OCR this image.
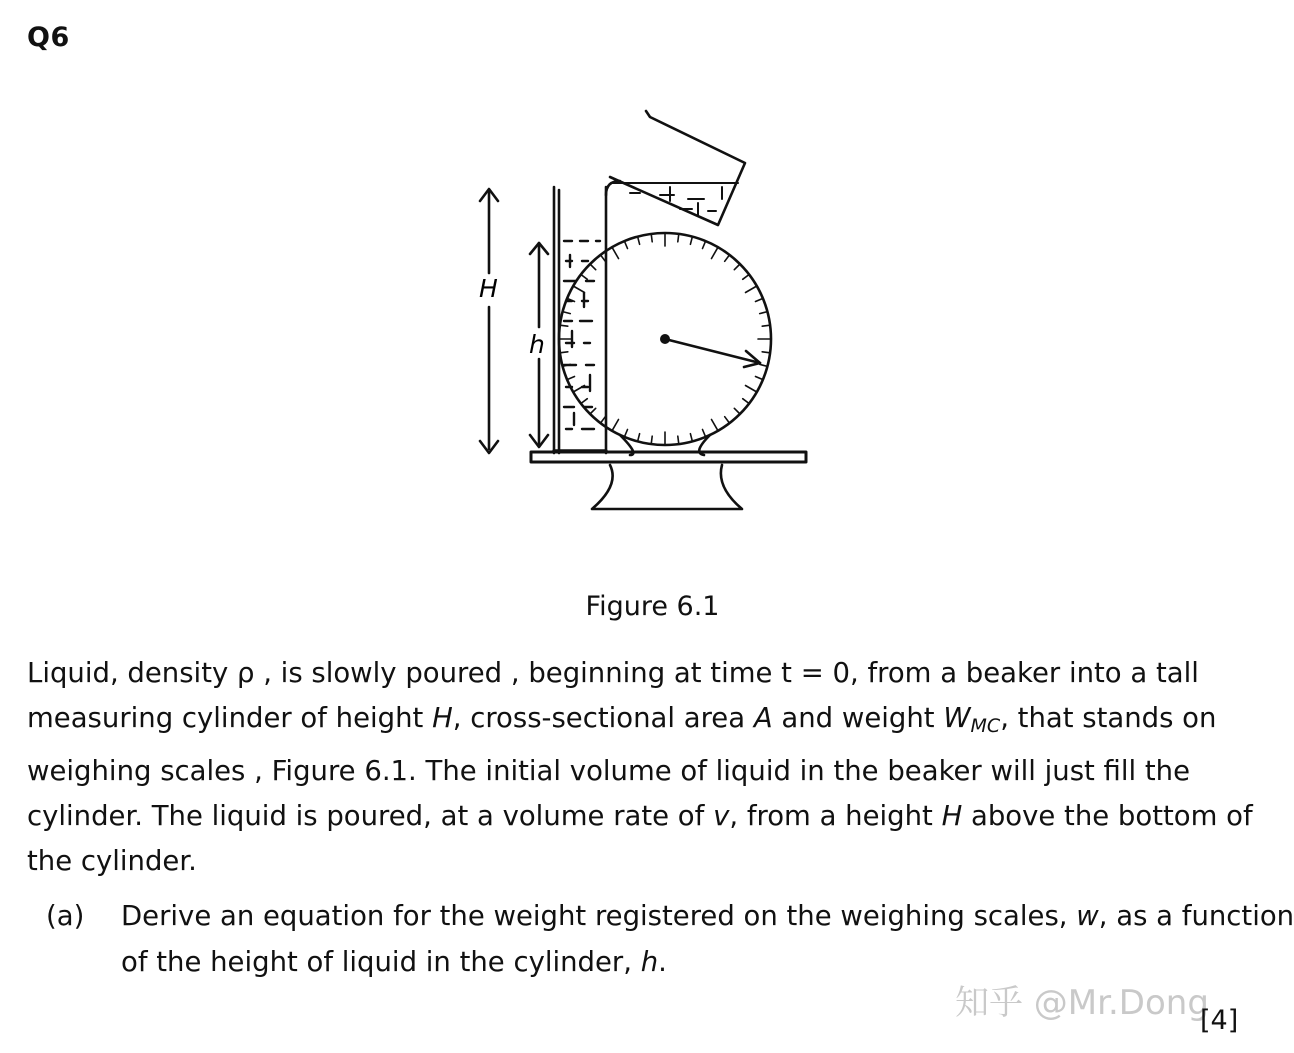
Q6
H
h
Figure 6.1
Liquid, density ρ , is slowly poured , beginning at time t = 0, from a beaker into a tall
measuring cylinder of height H, cross-sectional area A and weight $W_{MC}$, that stands on
weighing scales , Figure 6.1. The initial volume of liquid in the beaker will just fill the
cylinder. The liquid is poured, at a volume rate of v, from a height H above the bottom of
the cylinder.
(a) Derive an equation for the weight registered on the weighing scales, w, as a function
of the height of liquid in the cylinder, h.
知乎 @Mr.Dong
[4]
